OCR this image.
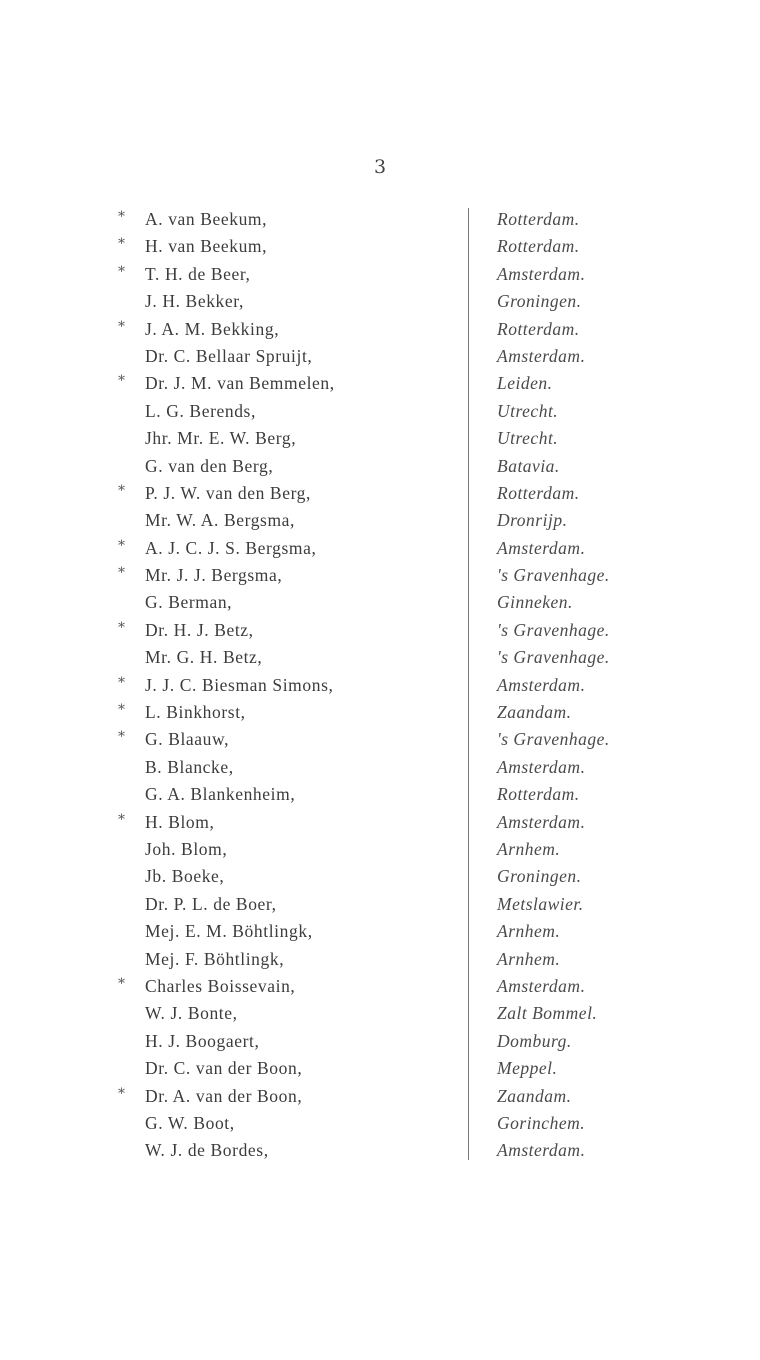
3
*	A. van Beekum,	Rotterdam.
*	H. van Beekum,	Rotterdam.
*	T. H. de Beer,	Amsterdam.
J. H. Bekker,	Groningen.
*	J. A. M. Bekking,	Rotterdam.
Dr. C. Bellaar Spruijt,	Amsterdam.
*	Dr. J. M. van Bemmelen,	Leiden.
L. G. Berends,	Utrecht.
Jhr. Mr. E. W. Berg,	Utrecht.
G. van den Berg,	Batavia.
*	P. J. W. van den Berg,	Rotterdam.
Mr. W. A. Bergsma,	Dronrijp.
*	A. J. C. J. S. Bergsma,	Amsterdam.
*	Mr. J. J. Bergsma,	's Gravenhage.
G. Berman,	Ginneken.
*	Dr. H. J. Betz,	's Gravenhage.
Mr. G. H. Betz,	's Gravenhage.
*	J. J. C. Biesman Simons,	Amsterdam.
*	L. Binkhorst,	Zaandam.
*	G. Blaauw,	's Gravenhage.
B. Blancke,	Amsterdam.
G. A. Blankenheim,	Rotterdam.
*	H. Blom,	Amsterdam.
Joh. Blom,	Arnhem.
Jb. Boeke,	Groningen.
Dr. P. L. de Boer,	Metslawier.
Mej. E. M. Böhtlingk,	Arnhem.
Mej. F. Böhtlingk,	Arnhem.
*	Charles Boissevain,	Amsterdam.
W. J. Bonte,	Zalt Bommel.
H. J. Boogaert,	Domburg.
Dr. C. van der Boon,	Meppel.
*	Dr. A. van der Boon,	Zaandam.
G. W. Boot,	Gorinchem.
W. J. de Bordes,	Amsterdam.
